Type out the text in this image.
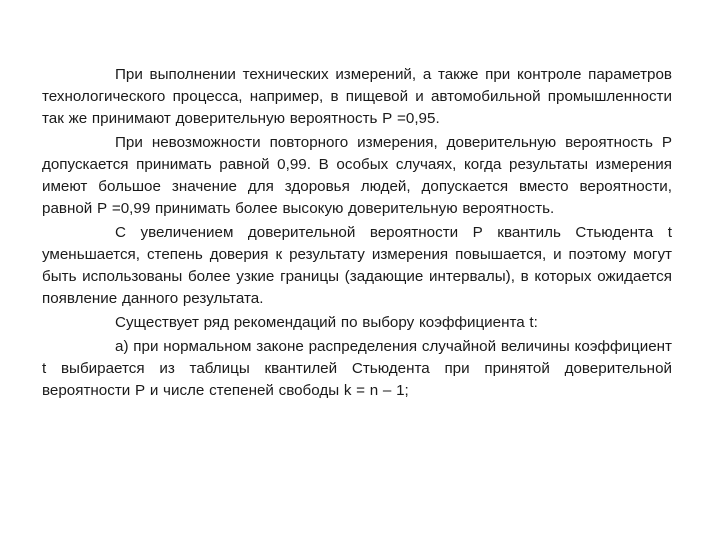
При выполнении технических измерений, а также при контроле параметров технологического процесса, например, в пищевой и автомобильной промышленности так же принимают доверительную вероятность Р =0,95.

При невозможности повторного измерения, доверительную вероятность Р допускается принимать равной 0,99. В особых случаях, когда результаты измерения имеют большое значение для здоровья людей, допускается вместо вероятности, равной Р =0,99 принимать более высокую доверительную вероятность.

С увеличением доверительной вероятности Р квантиль Стьюдента t уменьшается, степень доверия к результату измерения повышается, и поэтому могут быть использованы более узкие границы (задающие интервалы), в которых ожидается появление данного результата.

Существует ряд рекомендаций по выбору коэффициента t:

а) при нормальном законе распределения случайной величины коэффициент t выбирается из таблицы квантилей Стьюдента при принятой доверительной вероятности Р и числе степеней свободы k = n – 1;
